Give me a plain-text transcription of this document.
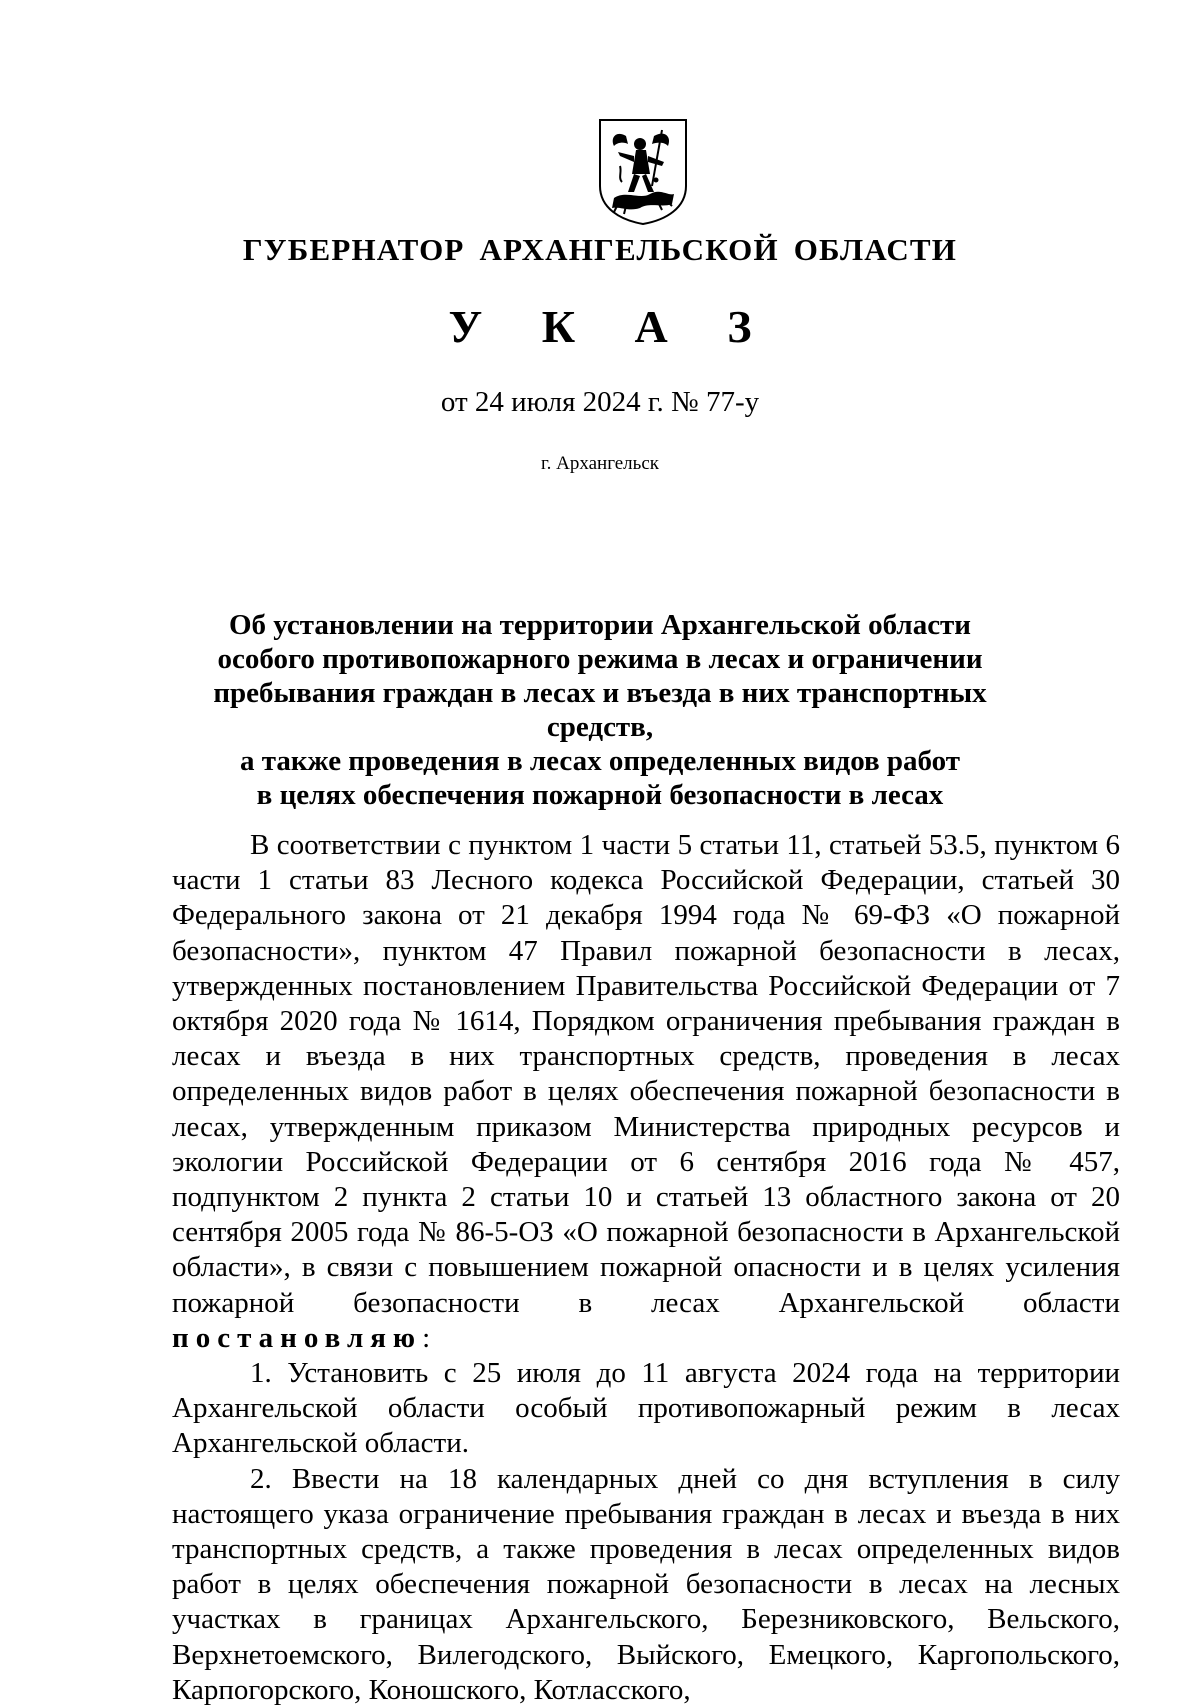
ГУБЕРНАТОР АРХАНГЕЛЬСКОЙ ОБЛАСТИ
У К А З
от 24 июля 2024 г. № 77-у
г. Архангельск
Об установлении на территории Архангельской области
особого противопожарного режима в лесах и ограничении
пребывания граждан в лесах и въезда в них транспортных средств,
а также проведения в лесах определенных видов работ
в целях обеспечения пожарной безопасности в лесах

В соответствии с пунктом 1 части 5 статьи 11, статьей 53.5, пунктом 6 части 1 статьи 83 Лесного кодекса Российской Федерации, статьей 30 Федерального закона от 21 декабря 1994 года № 69-ФЗ «О пожарной безопасности», пунктом 47 Правил пожарной безопасности в лесах, утвержденных постановлением Правительства Российской Федерации от 7 октября 2020 года № 1614, Порядком ограничения пребывания граждан в лесах и въезда в них транспортных средств, проведения в лесах определенных видов работ в целях обеспечения пожарной безопасности в лесах, утвержденным приказом Министерства природных ресурсов и экологии Российской Федерации от 6 сентября 2016 года № 457, подпунктом 2 пункта 2 статьи 10 и статьей 13 областного закона от 20 сентября 2005 года № 86-5-ОЗ «О пожарной безопасности в Архангельской области», в связи с повышением пожарной опасности и в целях усиления пожарной безопасности в лесах Архангельской области постановляю:

1. Установить с 25 июля до 11 августа 2024 года на территории Архангельской области особый противопожарный режим в лесах Архангельской области.

2. Ввести на 18 календарных дней со дня вступления в силу настоящего указа ограничение пребывания граждан в лесах и въезда в них транспортных средств, а также проведения в лесах определенных видов работ в целях обеспечения пожарной безопасности в лесах на лесных участках в границах Архангельского, Березниковского, Вельского, Верхнетоемского, Вилегодского, Выйского, Емецкого, Каргопольского, Карпогорского, Коношского, Котласского,
